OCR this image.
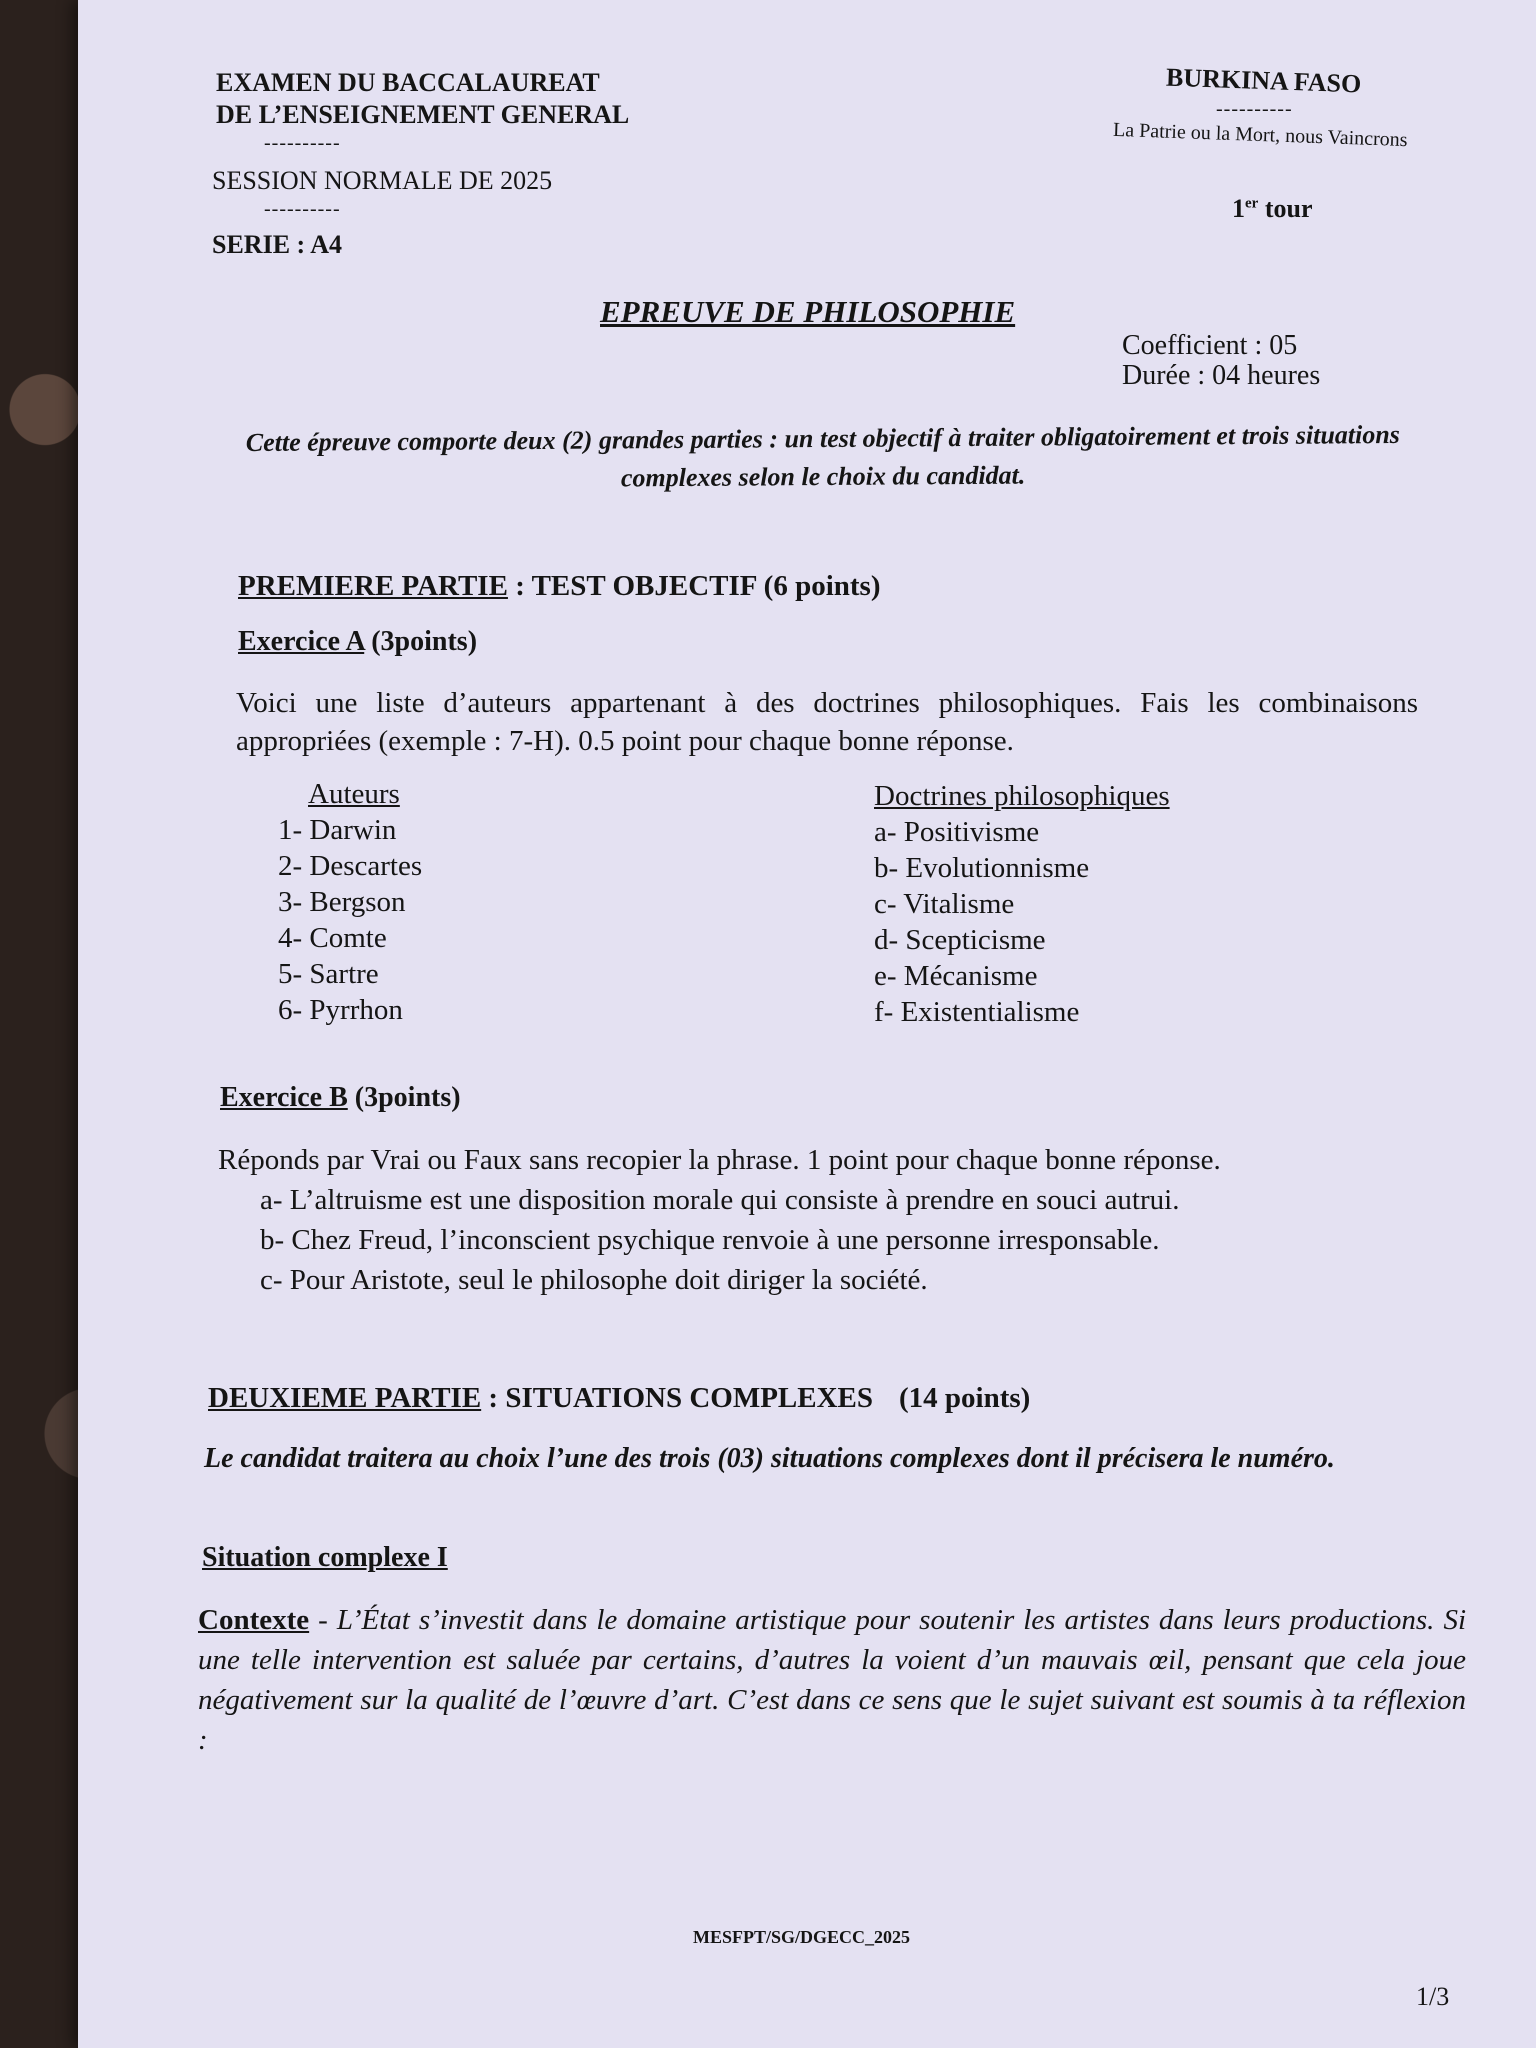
EXAMEN DU BACCALAUREAT
DE L’ENSEIGNEMENT GENERAL
----------
SESSION NORMALE DE 2025
----------
SERIE : A4
BURKINA FASO
----------
La Patrie ou la Mort, nous Vaincrons
1er tour
EPREUVE DE PHILOSOPHIE
Coefficient : 05
Durée : 04 heures
Cette épreuve comporte deux (2) grandes parties : un test objectif à traiter obligatoirement et trois situations complexes selon le choix du candidat.
PREMIERE PARTIE : TEST OBJECTIF (6 points)
Exercice A (3points)
Voici une liste d’auteurs appartenant à des doctrines philosophiques. Fais les combinaisons appropriées (exemple : 7-H). 0.5 point pour chaque bonne réponse.
Auteurs
1- Darwin
2- Descartes
3- Bergson
4- Comte
5- Sartre
6- Pyrrhon
Doctrines philosophiques
a- Positivisme
b- Evolutionnisme
c- Vitalisme
d- Scepticisme
e- Mécanisme
f- Existentialisme
Exercice B (3points)
Réponds par Vrai ou Faux sans recopier la phrase. 1 point pour chaque bonne réponse.
a- L’altruisme est une disposition morale qui consiste à prendre en souci autrui.
b- Chez Freud, l’inconscient psychique renvoie à une personne irresponsable.
c- Pour Aristote, seul le philosophe doit diriger la société.
DEUXIEME PARTIE : SITUATIONS COMPLEXES (14 points)
Le candidat traitera au choix l’une des trois (03) situations complexes dont il précisera le numéro.
Situation complexe I
Contexte - L’État s’investit dans le domaine artistique pour soutenir les artistes dans leurs productions. Si une telle intervention est saluée par certains, d’autres la voient d’un mauvais œil, pensant que cela joue négativement sur la qualité de l’œuvre d’art. C’est dans ce sens que le sujet suivant est soumis à ta réflexion :
MESFPT/SG/DGECC_2025
1/3
